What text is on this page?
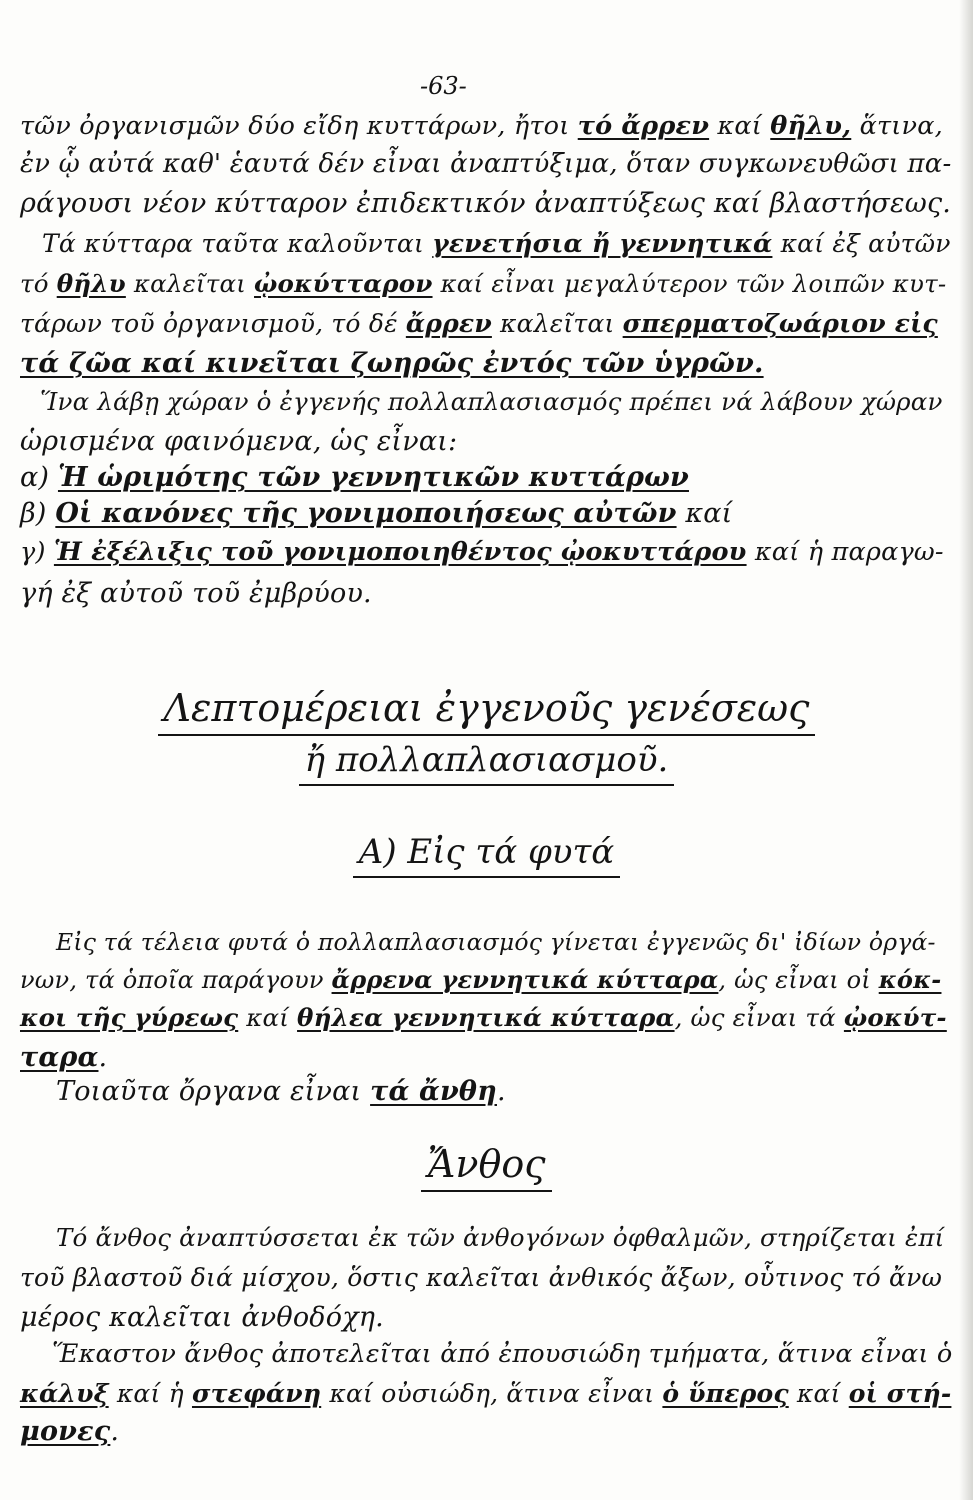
-63-
τῶν ὀργανισμῶν δύο εἴδη κυττάρων, ἤτοι τό ἄρρεν καί θῆλυ, ἅτινα,
ἐν ᾧ αὐτά καθ' ἑαυτά δέν εἶναι ἀναπτύξιμα, ὅταν συγκωνευθῶσι πα-
ράγουσι νέον κύτταρον ἐπιδεκτικόν ἀναπτύξεως καί βλαστήσεως.
Τά κύτταρα ταῦτα καλοῦνται γενετήσια ἤ γεννητικά καί ἐξ αὐτῶν
τό θῆλυ καλεῖται ᾠοκύτταρον καί εἶναι μεγαλύτερον τῶν λοιπῶν κυτ-
τάρων τοῦ ὀργανισμοῦ, τό δέ ἄρρεν καλεῖται σπερματοζωάριον εἰς
τά ζῶα καί κινεῖται ζωηρῶς ἐντός τῶν ὑγρῶν.
Ἵνα λάβῃ χώραν ὁ ἐγγενής πολλαπλασιασμός πρέπει νά λάβουν χώραν
ὡρισμένα φαινόμενα, ὡς εἶναι:
α) Ἡ ὡριμότης τῶν γεννητικῶν κυττάρων
β) Οἱ κανόνες τῆς γονιμοποιήσεως αὐτῶν καί
γ) Ἡ ἐξέλιξις τοῦ γονιμοποιηθέντος ᾠοκυττάρου καί ἡ παραγω-
γή ἐξ αὐτοῦ τοῦ ἐμβρύου.
Λεπτομέρειαι ἐγγενοῦς γενέσεως
ἤ πολλαπλασιασμοῦ.
Α) Εἰς τά φυτά
Εἰς τά τέλεια φυτά ὁ πολλαπλασιασμός γίνεται ἐγγενῶς δι' ἰδίων ὀργά-
νων, τά ὁποῖα παράγουν ἄρρενα γεννητικά κύτταρα, ὡς εἶναι οἱ κόκ-
κοι τῆς γύρεως καί θήλεα γεννητικά κύτταρα, ὡς εἶναι τά ᾠοκύτ-
ταρα.
Τοιαῦτα ὄργανα εἶναι τά ἄνθη.
Ἄνθος
Τό ἄνθος ἀναπτύσσεται ἐκ τῶν ἀνθογόνων ὀφθαλμῶν, στηρίζεται ἐπί
τοῦ βλαστοῦ διά μίσχου, ὅστις καλεῖται ἀνθικός ἄξων, οὗτινος τό ἄνω
μέρος καλεῖται ἀνθοδόχη.
Ἕκαστον ἄνθος ἀποτελεῖται ἀπό ἐπουσιώδη τμήματα, ἅτινα εἶναι ὁ
κάλυξ καί ἡ στεφάνη καί οὐσιώδη, ἅτινα εἶναι ὁ ὕπερος καί οἱ στή-
μονες.
